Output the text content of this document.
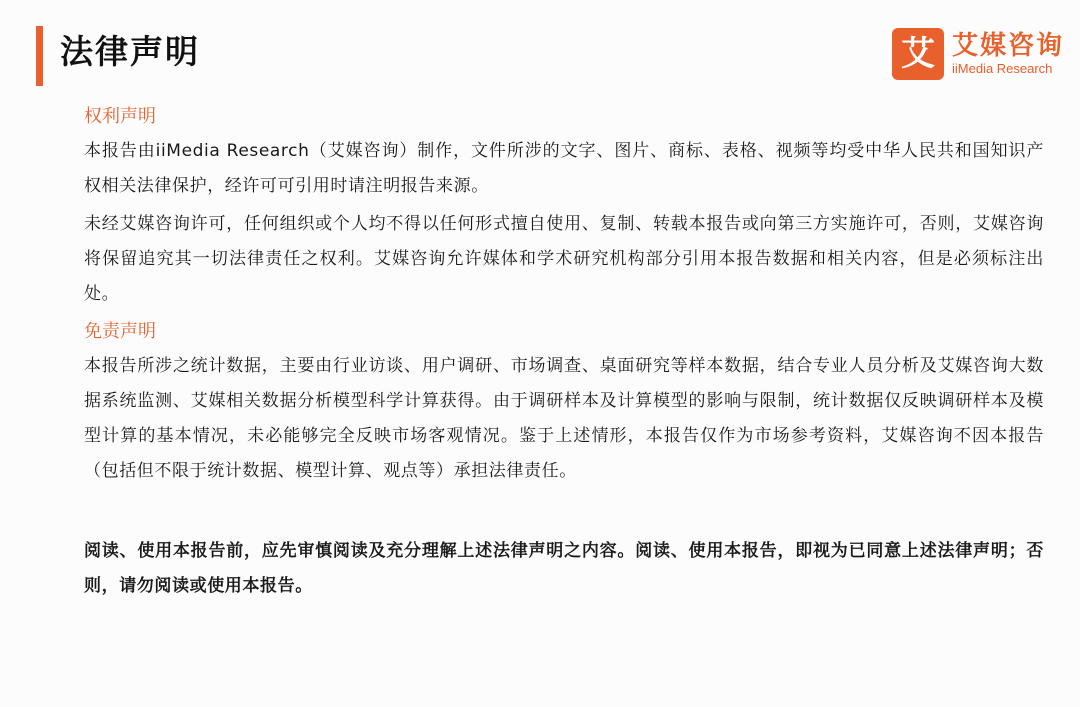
法律声明	艾 艾媒咨询
iiMedia Research
权利声明

本报告由iiMedia Research（艾媒咨询）制作，文件所涉的文字、图片、商标、表格、视频等均受中华人民共和国知识产权相关法律保护，经许可可引用时请注明报告来源。

未经艾媒咨询许可，任何组织或个人均不得以任何形式擅自使用、复制、转载本报告或向第三方实施许可，否则，艾媒咨询将保留追究其一切法律责任之权利。艾媒咨询允许媒体和学术研究机构部分引用本报告数据和相关内容，但是必须标注出处。

免责声明

本报告所涉之统计数据，主要由行业访谈、用户调研、市场调查、桌面研究等样本数据，结合专业人员分析及艾媒咨询大数据系统监测、艾媒相关数据分析模型科学计算获得。由于调研样本及计算模型的影响与限制，统计数据仅反映调研样本及模型计算的基本情况，未必能够完全反映市场客观情况。鉴于上述情形，本报告仅作为市场参考资料，艾媒咨询不因本报告（包括但不限于统计数据、模型计算、观点等）承担法律责任。

阅读、使用本报告前，应先审慎阅读及充分理解上述法律声明之内容。阅读、使用本报告，即视为已同意上述法律声明；否则，请勿阅读或使用本报告。
